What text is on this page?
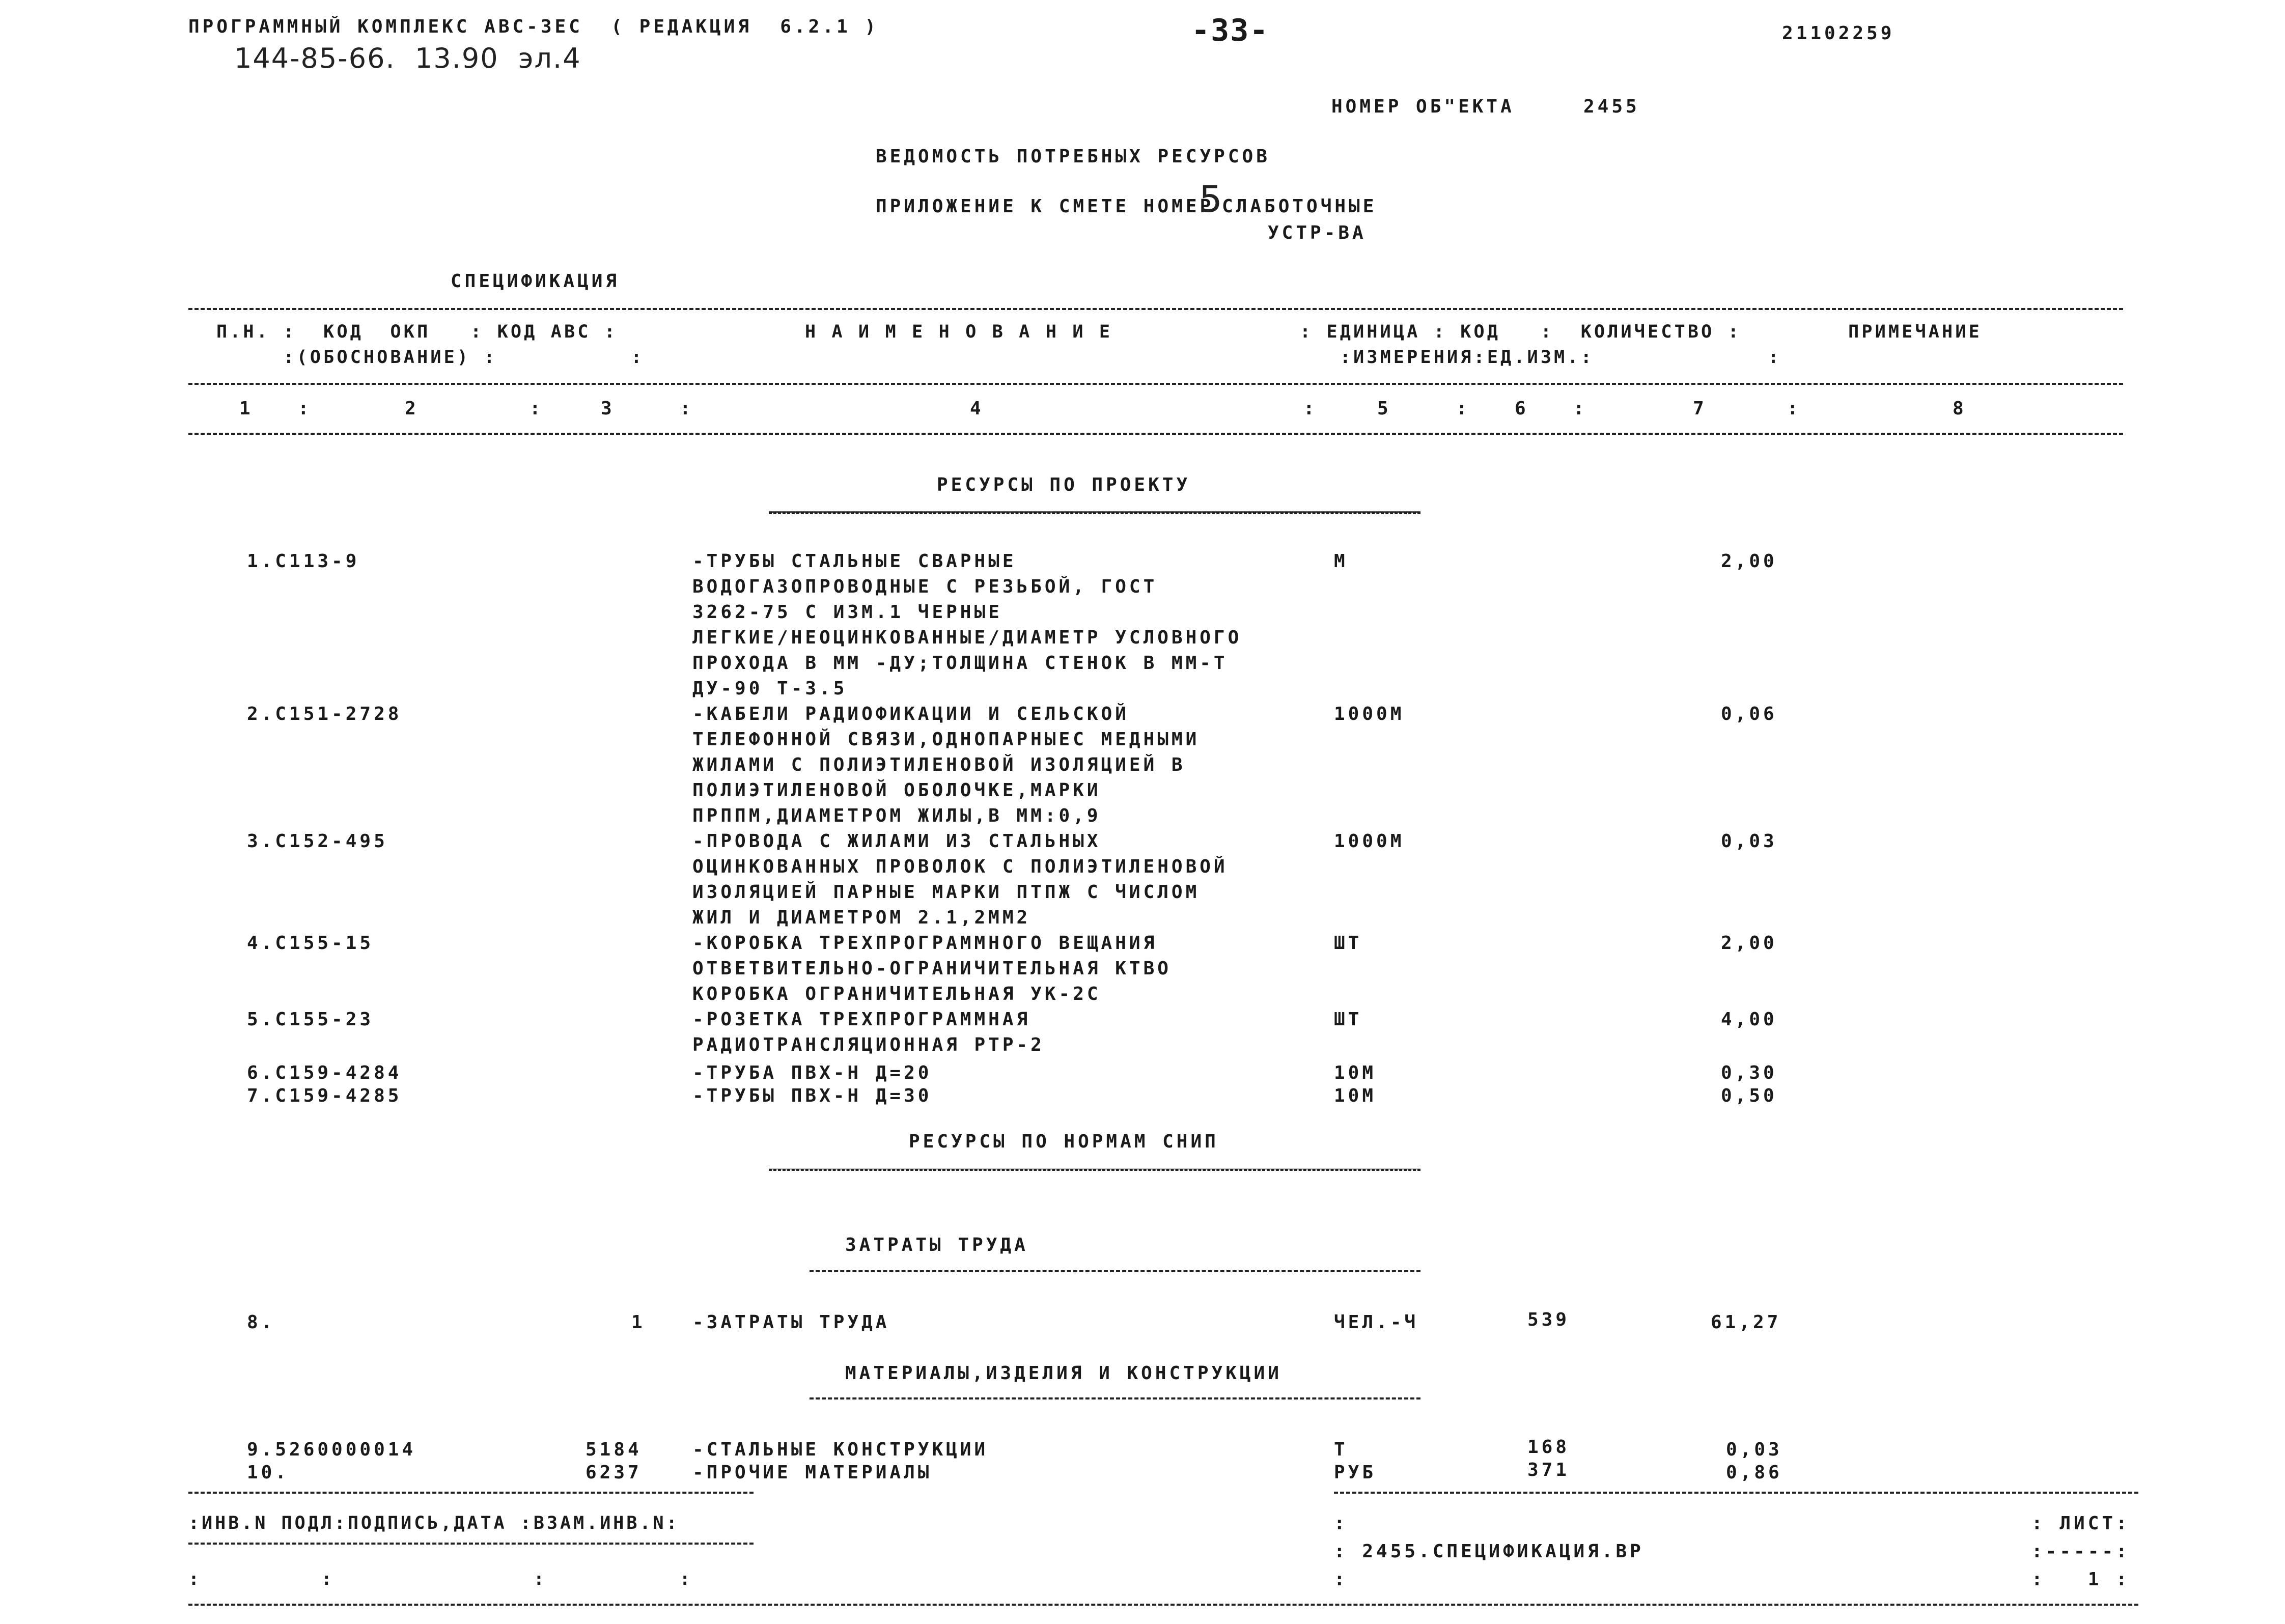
ПРОГРАММНЫЙ КОМПЛЕКС АВС-ЗЕС  ( РЕДАКЦИЯ  6.2.1 )	-33-	21102259
144-85-66.  13.90  эл.4
НОМЕР ОБ"ЕКТА	2455
ВЕДОМОСТЬ ПОТРЕБНЫХ РЕСУРСОВ
ПРИЛОЖЕНИЕ К СМЕТЕ НОМЕР
5
СЛАБОТОЧНЫЕ
УСТР-ВА
СПЕЦИФИКАЦИЯ
П.Н. :  КОД  ОКП   : КОД АВС :              Н А И М Е Н О В А Н И Е              : ЕДИНИЦА : КОД   :  КОЛИЧЕСТВО :        ПРИМЕЧАНИЕ
:(ОБОСНОВАНИЕ) :          :                                                    :ИЗМЕРЕНИЯ:ЕД.ИЗМ.:             :
1 :	2	:	3	:	4	:	5	: 6 :	7	:	8
РЕСУРСЫ ПО ПРОЕКТУ
1.С113-9	-ТРУБЫ СТАЛЬНЫЕ СВАРНЫЕ
ВОДОГАЗОПРОВОДНЫЕ С РЕЗЬБОЙ, ГОСТ
3262-75 С ИЗМ.1 ЧЕРНЫЕ
ЛЕГКИЕ/НЕОЦИНКОВАННЫЕ/ДИАМЕТР УСЛОВНОГО
ПРОХОДА В ММ -ДУ;ТОЛЩИНА СТЕНОК В ММ-Т
ДУ-90 Т-3.5
М	2,00
2.С151-2728	-КАБЕЛИ РАДИОФИКАЦИИ И СЕЛЬСКОЙ
ТЕЛЕФОННОЙ СВЯЗИ,ОДНОПАРНЫЕС МЕДНЫМИ
ЖИЛАМИ С ПОЛИЭТИЛЕНОВОЙ ИЗОЛЯЦИЕЙ В
ПОЛИЭТИЛЕНОВОЙ ОБОЛОЧКЕ,МАРКИ
ПРППМ,ДИАМЕТРОМ ЖИЛЫ,В ММ:0,9
1000М	0,06
3.С152-495	-ПРОВОДА С ЖИЛАМИ ИЗ СТАЛЬНЫХ
ОЦИНКОВАННЫХ ПРОВОЛОК С ПОЛИЭТИЛЕНОВОЙ
ИЗОЛЯЦИЕЙ ПАРНЫЕ МАРКИ ПТПЖ С ЧИСЛОМ
ЖИЛ И ДИАМЕТРОМ 2.1,2ММ2
1000М	0,03
4.С155-15	-КОРОБКА ТРЕХПРОГРАММНОГО ВЕЩАНИЯ
ОТВЕТВИТЕЛЬНО-ОГРАНИЧИТЕЛЬНАЯ КТВО
КОРОБКА ОГРАНИЧИТЕЛЬНАЯ УК-2С
ШТ	2,00
5.С155-23	-РОЗЕТКА ТРЕХПРОГРАММНАЯ
РАДИОТРАНСЛЯЦИОННАЯ РТР-2
ШТ	4,00
6.С159-4284	-ТРУБА ПВХ-Н Д=20	10М	0,30
7.С159-4285	-ТРУБЫ ПВХ-Н Д=30	10М	0,50
РЕСУРСЫ ПО НОРМАМ СНИП
ЗАТРАТЫ ТРУДА
8.	1	-ЗАТРАТЫ ТРУДА	ЧЕЛ.-Ч	539	61,27
МАТЕРИАЛЫ,ИЗДЕЛИЯ И КОНСТРУКЦИИ
9.5260000014	5184	-СТАЛЬНЫЕ КОНСТРУКЦИИ	Т	168	0,03
10.	6237	-ПРОЧИЕ МАТЕРИАЛЫ	РУБ	371	0,86
:ИНВ.N ПОДЛ:ПОДПИСЬ,ДАТА :ВЗАМ.ИНВ.N:
:         :               :          :
:
: 2455.СПЕЦИФИКАЦИЯ.ВР
:
: ЛИСТ:
:-----:
:   1 :
